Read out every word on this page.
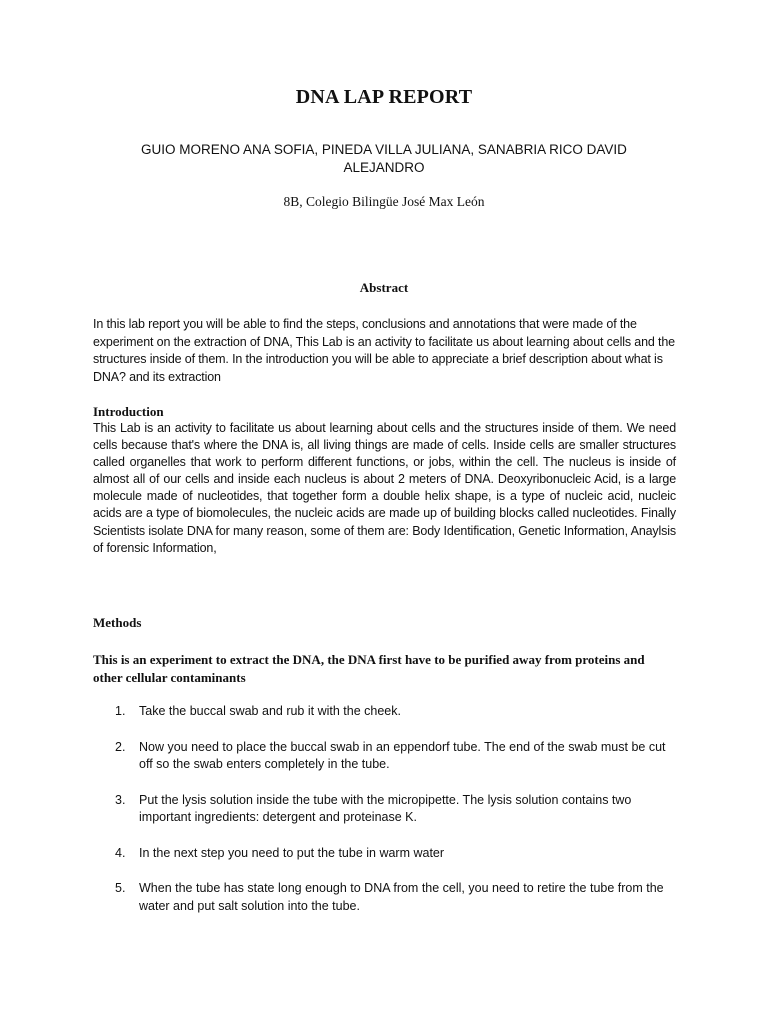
DNA LAP REPORT
GUIO MORENO ANA SOFIA, PINEDA VILLA JULIANA, SANABRIA RICO DAVID ALEJANDRO
8B, Colegio Bilingüe José Max León
Abstract
In this lab report you will be able to find the steps, conclusions and annotations that were made of the experiment on the extraction of DNA, This Lab is an activity to facilitate us about learning about cells and the structures inside of them. In the introduction you will be able to appreciate a brief description about what is DNA? and its extraction
Introduction
This Lab is an activity to facilitate us about learning about cells and the structures inside of them. We need cells because that's where the DNA is, all living things are made of cells. Inside cells are smaller structures called organelles that work to perform different functions, or jobs, within the cell. The nucleus is inside of almost all of our cells and inside each nucleus is about 2 meters of DNA. Deoxyribonucleic Acid, is a large molecule made of nucleotides, that together form a double helix shape, is a type of nucleic acid, nucleic acids are a type of biomolecules, the nucleic acids are made up of building blocks called nucleotides. Finally Scientists isolate DNA for many reason, some of them are: Body Identification, Genetic Information, Anaylsis of forensic Information,
Methods
This is an experiment to extract the DNA, the DNA first have to be purified away from proteins and other cellular contaminants
1. Take the buccal swab and rub it with the cheek.
2. Now you need to place the buccal swab in an eppendorf tube. The end of the swab must be cut off so the swab enters completely in the tube.
3. Put the lysis solution inside the tube with the micropipette. The lysis solution contains two important ingredients: detergent and proteinase K.
4. In the next step you need to put the tube in warm water
5. When the tube has state long enough to DNA from the cell, you need to retire the tube from the water and put salt solution into the tube.
